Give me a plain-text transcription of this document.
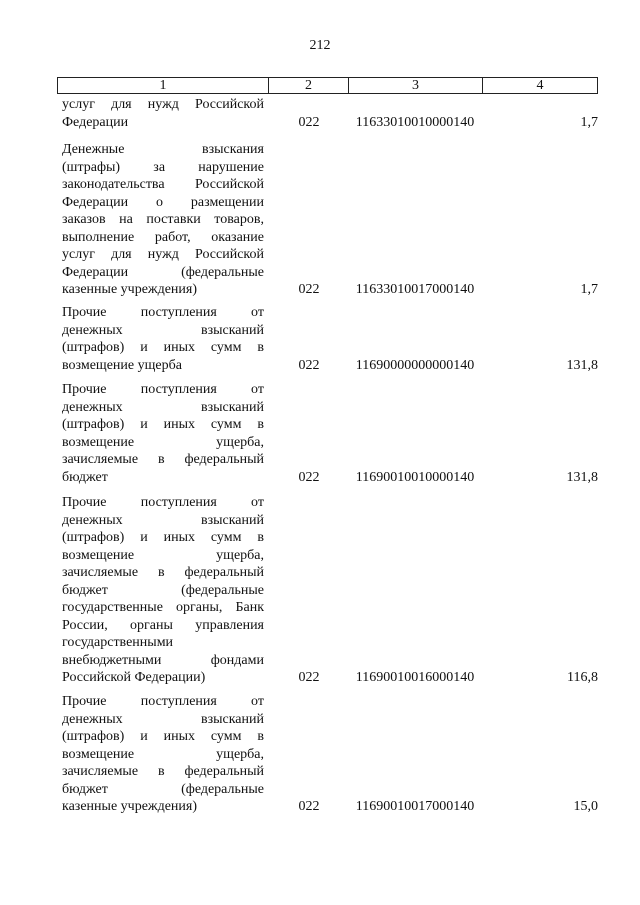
212
1	2	3	4
услуг для нужд Российской
Федерации	022	11633010010000140	1,7
Денежные взыскания
(штрафы) за нарушение
законодательства Российской
Федерации о размещении
заказов на поставки товаров,
выполнение работ, оказание
услуг для нужд Российской
Федерации (федеральные
казенные учреждения)	022	11633010017000140	1,7
Прочие поступления от
денежных взысканий
(штрафов) и иных сумм в
возмещение ущерба	022	11690000000000140	131,8
Прочие поступления от
денежных взысканий
(штрафов) и иных сумм в
возмещение ущерба,
зачисляемые в федеральный
бюджет	022	11690010010000140	131,8
Прочие поступления от
денежных взысканий
(штрафов) и иных сумм в
возмещение ущерба,
зачисляемые в федеральный
бюджет (федеральные
государственные органы, Банк
России, органы управления
государственными
внебюджетными фондами
Российской Федерации)	022	11690010016000140	116,8
Прочие поступления от
денежных взысканий
(штрафов) и иных сумм в
возмещение ущерба,
зачисляемые в федеральный
бюджет (федеральные
казенные учреждения)	022	11690010017000140	15,0
